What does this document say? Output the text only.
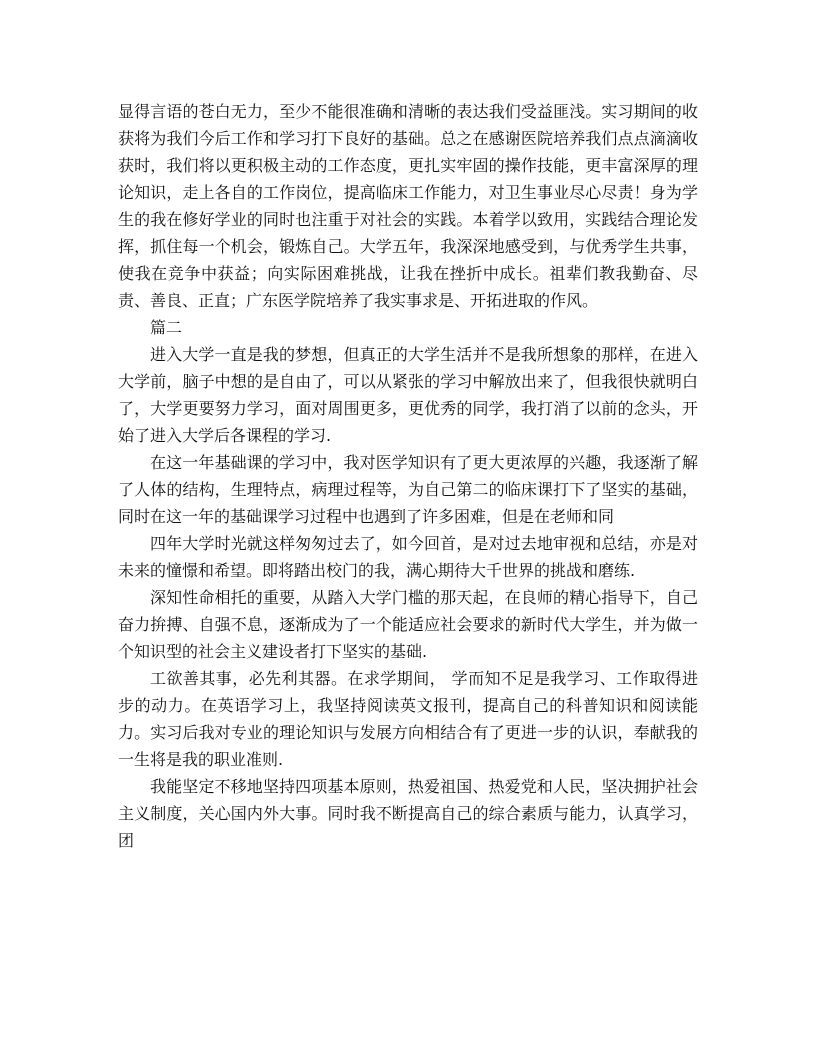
显得言语的苍白无力，至少不能很准确和清晰的表达我们受益匪浅。实习期间的收获将为我们今后工作和学习打下良好的基础。总之在感谢医院培养我们点点滴滴收获时，我们将以更积极主动的工作态度，更扎实牢固的操作技能，更丰富深厚的理论知识，走上各自的工作岗位，提高临床工作能力，对卫生事业尽心尽责！身为学生的我在修好学业的同时也注重于对社会的实践。本着学以致用，实践结合理论发挥，抓住每一个机会，锻炼自己。大学五年，我深深地感受到，与优秀学生共事，使我在竞争中获益；向实际困难挑战，让我在挫折中成长。祖辈们教我勤奋、尽责、善良、正直；广东医学院培养了我实事求是、开拓进取的作风。

篇二

进入大学一直是我的梦想，但真正的大学生活并不是我所想象的那样，在进入大学前，脑子中想的是自由了，可以从紧张的学习中解放出来了，但我很快就明白了，大学更要努力学习，面对周围更多，更优秀的同学，我打消了以前的念头，开始了进入大学后各课程的学习.

在这一年基础课的学习中，我对医学知识有了更大更浓厚的兴趣，我逐渐了解了人体的结构，生理特点，病理过程等，为自己第二的临床课打下了坚实的基础，同时在这一年的基础课学习过程中也遇到了许多困难，但是在老师和同

四年大学时光就这样匆匆过去了，如今回首，是对过去地审视和总结，亦是对未来的憧憬和希望。即将踏出校门的我，满心期待大千世界的挑战和磨练.

深知性命相托的重要，从踏入大学门槛的那天起，在良师的精心指导下，自己奋力拚搏、自强不息，逐渐成为了一个能适应社会要求的新时代大学生，并为做一个知识型的社会主义建设者打下坚实的基础.

工欲善其事，必先利其器。在求学期间， 学而知不足是我学习、工作取得进步的动力。在英语学习上，我坚持阅读英文报刊，提高自己的科普知识和阅读能力。实习后我对专业的理论知识与发展方向相结合有了更进一步的认识，奉献我的一生将是我的职业准则.

我能坚定不移地坚持四项基本原则，热爱祖国、热爱党和人民，坚决拥护社会主义制度，关心国内外大事。同时我不断提高自己的综合素质与能力，认真学习，团
